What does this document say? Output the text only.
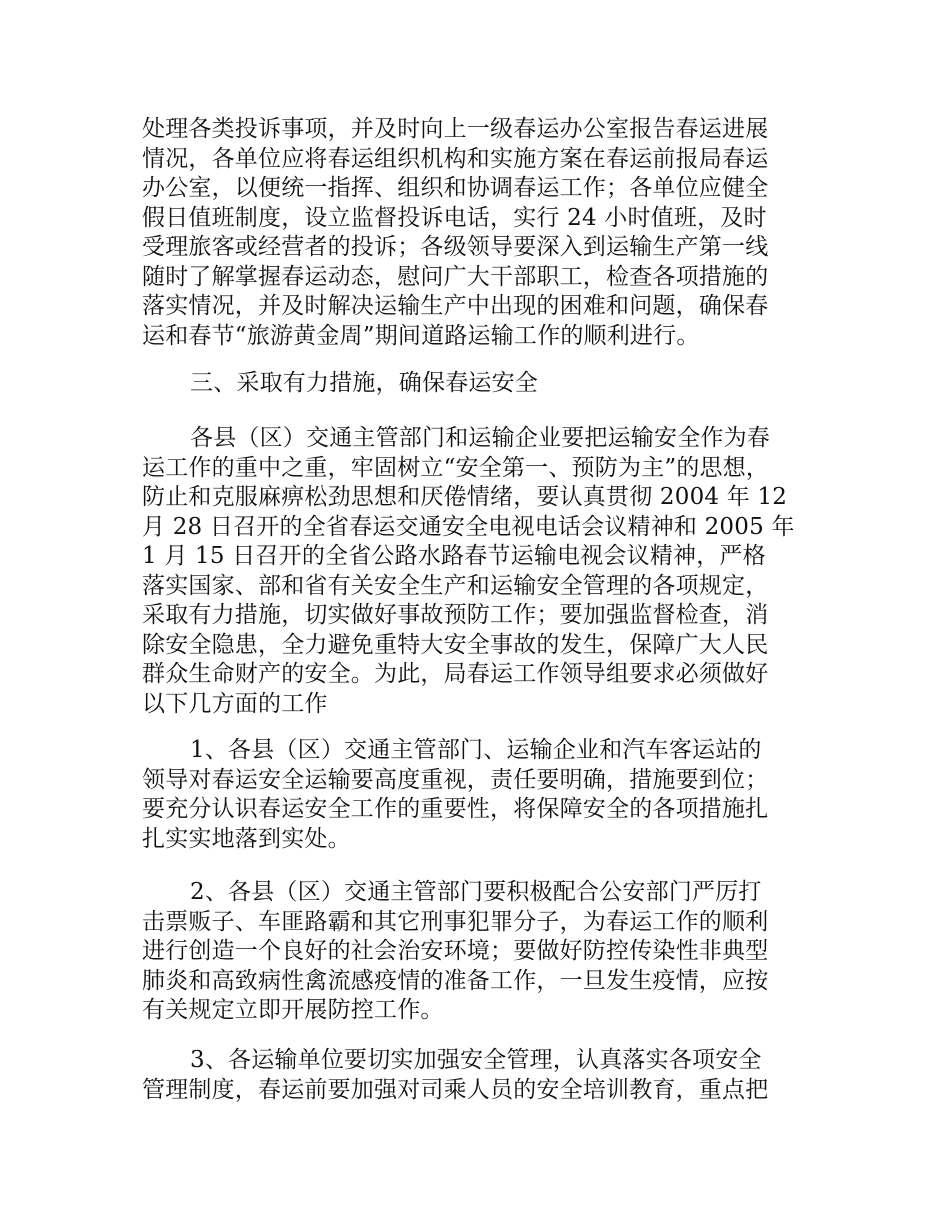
处理各类投诉事项，并及时向上一级春运办公室报告春运进展
情况，各单位应将春运组织机构和实施方案在春运前报局春运
办公室，以便统一指挥、组织和协调春运工作；各单位应健全
假日值班制度，设立监督投诉电话，实行 24 小时值班，及时
受理旅客或经营者的投诉；各级领导要深入到运输生产第一线
随时了解掌握春运动态，慰问广大干部职工，检查各项措施的
落实情况，并及时解决运输生产中出现的困难和问题，确保春
运和春节“旅游黄金周”期间道路运输工作的顺利进行。
三、采取有力措施，确保春运安全
各县（区）交通主管部门和运输企业要把运输安全作为春
运工作的重中之重，牢固树立“安全第一、预防为主”的思想，
防止和克服麻痹松劲思想和厌倦情绪，要认真贯彻 2004 年 12
月 28 日召开的全省春运交通安全电视电话会议精神和 2005 年
1 月 15 日召开的全省公路水路春节运输电视会议精神，严格
落实国家、部和省有关安全生产和运输安全管理的各项规定，
采取有力措施，切实做好事故预防工作；要加强监督检查，消
除安全隐患，全力避免重特大安全事故的发生，保障广大人民
群众生命财产的安全。为此，局春运工作领导组要求必须做好
以下几方面的工作
1、各县（区）交通主管部门、运输企业和汽车客运站的
领导对春运安全运输要高度重视，责任要明确，措施要到位；
要充分认识春运安全工作的重要性，将保障安全的各项措施扎
扎实实地落到实处。
2、各县（区）交通主管部门要积极配合公安部门严厉打
击票贩子、车匪路霸和其它刑事犯罪分子，为春运工作的顺利
进行创造一个良好的社会治安环境；要做好防控传染性非典型
肺炎和高致病性禽流感疫情的准备工作，一旦发生疫情，应按
有关规定立即开展防控工作。
3、各运输单位要切实加强安全管理，认真落实各项安全
管理制度，春运前要加强对司乘人员的安全培训教育，重点把
